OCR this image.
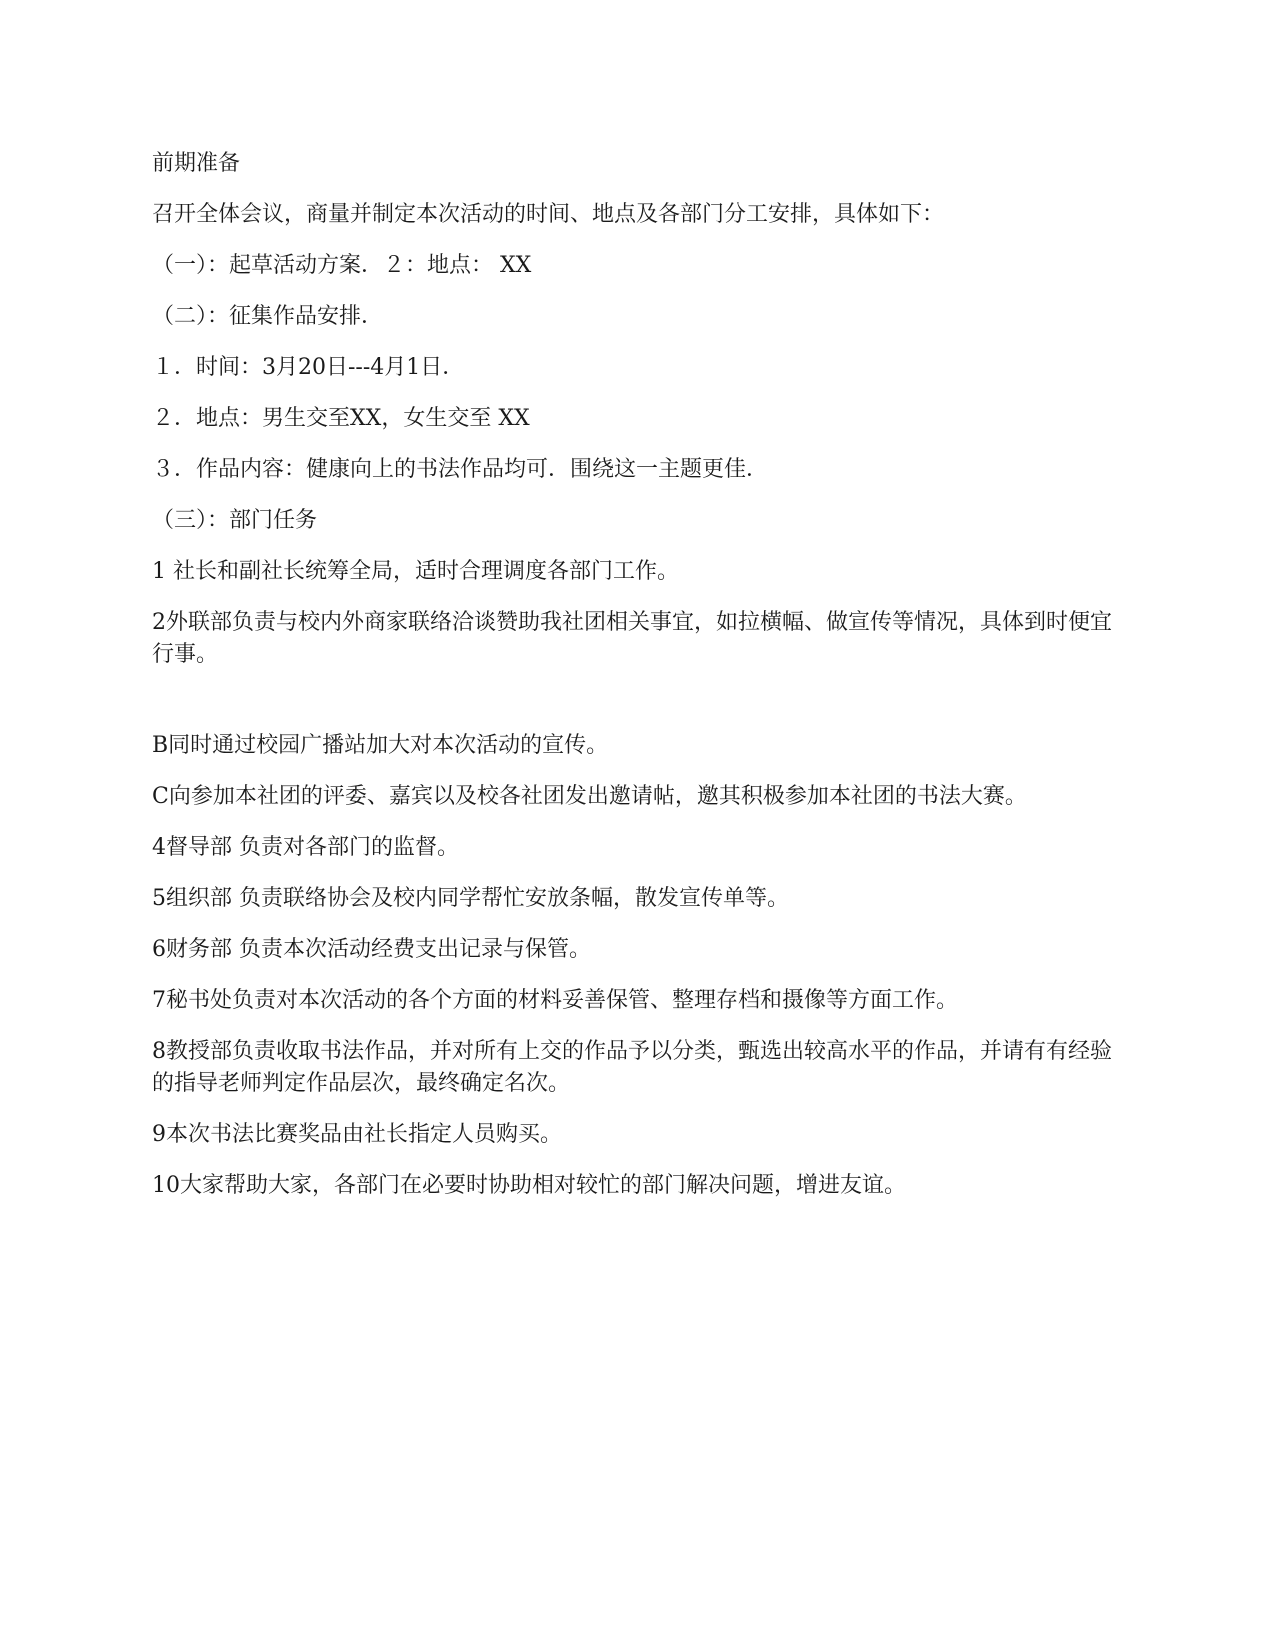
前期准备

召开全体会议，商量并制定本次活动的时间、地点及各部门分工安排，具体如下：

（一）：起草活动方案．２：地点： XX

（二）：征集作品安排．

１．时间：3月20日---4月1日．

２．地点：男生交至XX，女生交至 XX

３．作品内容：健康向上的书法作品均可．围绕这一主题更佳．

（三）：部门任务

1 社长和副社长统筹全局，适时合理调度各部门工作。

2外联部负责与校内外商家联络洽谈赞助我社团相关事宜，如拉横幅、做宣传等情况，具体到时便宜行事。

B同时通过校园广播站加大对本次活动的宣传。

C向参加本社团的评委、嘉宾以及校各社团发出邀请帖，邀其积极参加本社团的书法大赛。

4督导部 负责对各部门的监督。

5组织部 负责联络协会及校内同学帮忙安放条幅，散发宣传单等。

6财务部 负责本次活动经费支出记录与保管。

7秘书处负责对本次活动的各个方面的材料妥善保管、整理存档和摄像等方面工作。

8教授部负责收取书法作品，并对所有上交的作品予以分类，甄选出较高水平的作品，并请有有经验的指导老师判定作品层次，最终确定名次。

9本次书法比赛奖品由社长指定人员购买。

10大家帮助大家，各部门在必要时协助相对较忙的部门解决问题，增进友谊。
